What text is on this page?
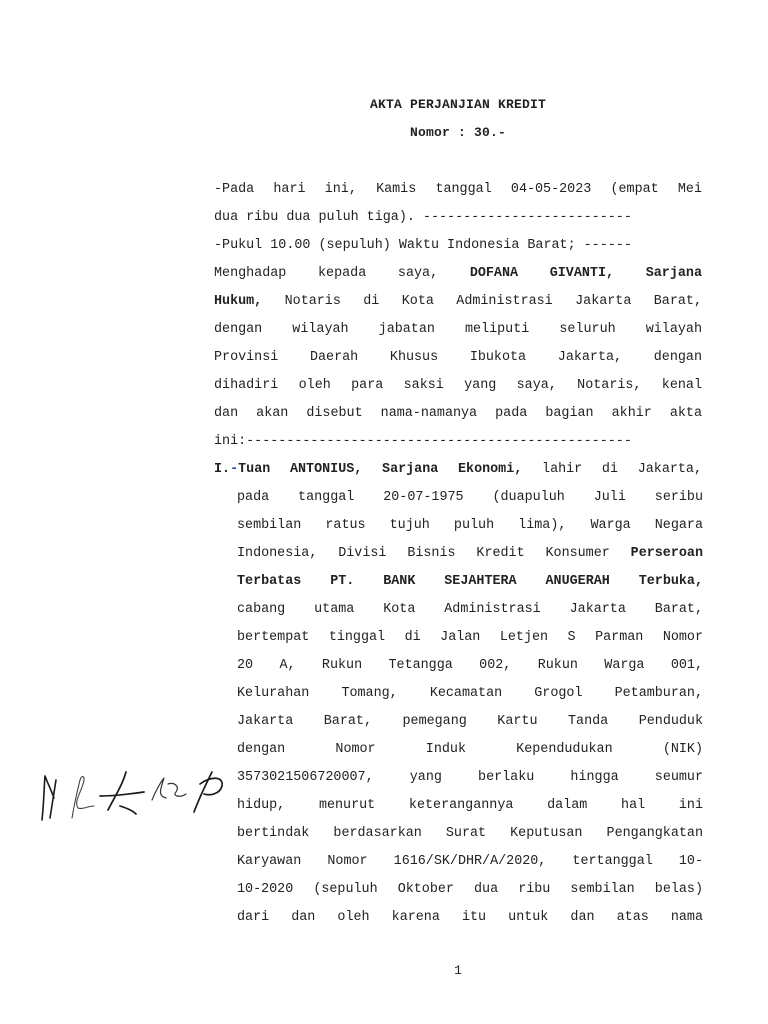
AKTA PERJANJIAN KREDIT
Nomor : 30.-
-Pada hari ini, Kamis tanggal 04-05-2023 (empat Mei
dua ribu dua puluh tiga). --------------------------
-Pukul 10.00 (sepuluh) Waktu Indonesia Barat; ------
Menghadap kepada saya, DOFANA GIVANTI, Sarjana
Hukum, Notaris di Kota Administrasi Jakarta Barat,
dengan wilayah jabatan meliputi seluruh wilayah
Provinsi Daerah Khusus Ibukota Jakarta, dengan
dihadiri oleh para saksi yang saya, Notaris, kenal
dan akan disebut nama-namanya pada bagian akhir akta
ini:------------------------------------------------
I.-Tuan ANTONIUS, Sarjana Ekonomi, lahir di Jakarta,
pada tanggal 20-07-1975 (duapuluh Juli seribu
sembilan ratus tujuh puluh lima), Warga Negara
Indonesia, Divisi Bisnis Kredit Konsumer Perseroan
Terbatas PT. BANK SEJAHTERA ANUGERAH Terbuka,
cabang utama Kota Administrasi Jakarta Barat,
bertempat tinggal di Jalan Letjen S Parman Nomor
20 A, Rukun Tetangga 002, Rukun Warga 001,
Kelurahan Tomang, Kecamatan Grogol Petamburan,
Jakarta Barat, pemegang Kartu Tanda Penduduk
dengan Nomor Induk Kependudukan (NIK)
3573021506720007, yang berlaku hingga seumur
hidup, menurut keterangannya dalam hal ini
bertindak berdasarkan Surat Keputusan Pengangkatan
Karyawan Nomor 1616/SK/DHR/A/2020, tertanggal 10-
10-2020 (sepuluh Oktober dua ribu sembilan belas)
dari dan oleh karena itu untuk dan atas nama
1
